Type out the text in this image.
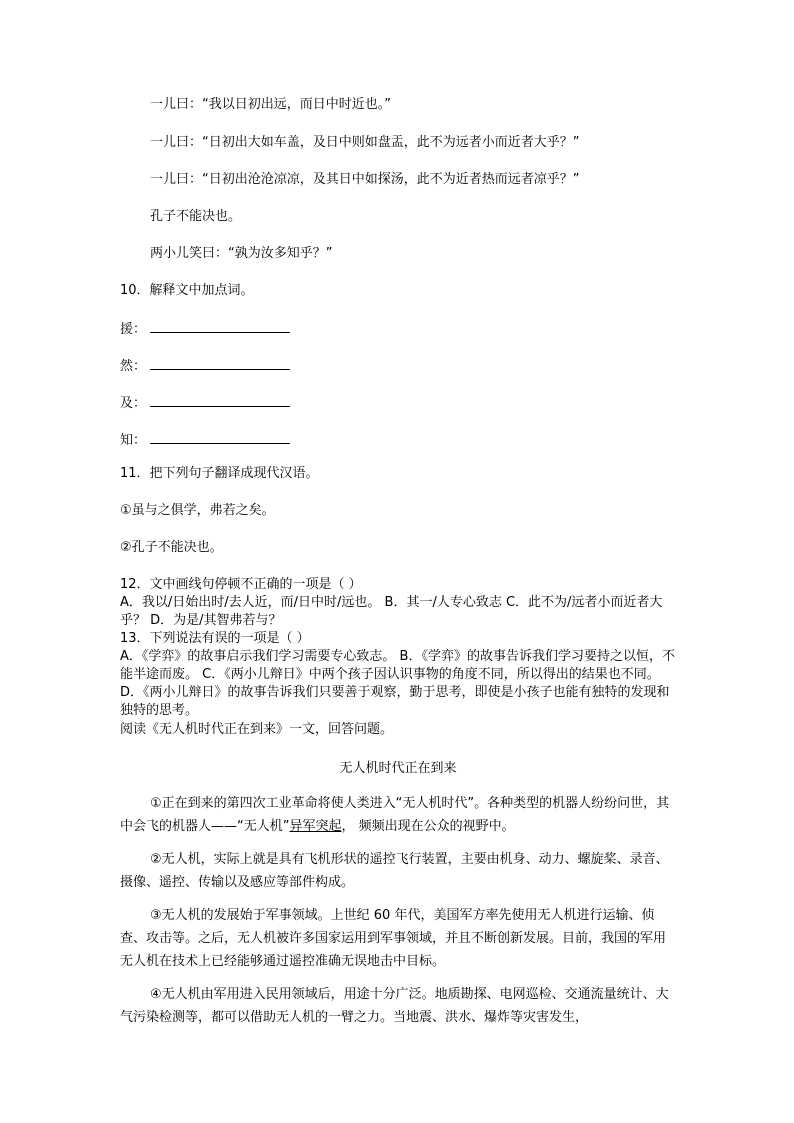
一儿曰：“我以日初出远，而日中时近也。”
一儿曰：“日初出大如车盖，及日中则如盘盂，此不为远者小而近者大乎？”
一儿曰：“日初出沧沧凉凉，及其日中如探汤，此不为近者热而远者凉乎？”
孔子不能决也。
两小儿笑曰：“孰为汝多知乎？”
10．解释文中加点词。
援：
然：
及：
知：
11．把下列句子翻译成现代汉语。
①虽与之俱学，弗若之矣。
②孔子不能决也。
12．文中画线句停顿不正确的一项是（ ）
A．我以/日始出时/去人近，而/日中时/远也。 B．其一/人专心致志 C．此不为/远者小而近者大乎？ D．为是/其智弗若与？
13．下列说法有误的一项是（ ）
A．《学弈》的故事启示我们学习需要专心致志。 B．《学弈》的故事告诉我们学习要持之以恒，不能半途而废。 C．《两小儿辩日》中两个孩子因认识事物的角度不同，所以得出的结果也不同。 D．《两小儿辩日》的故事告诉我们只要善于观察，勤于思考，即使是小孩子也能有独特的发现和独特的思考。
阅读《无人机时代正在到来》一文，回答问题。
无人机时代正在到来
①正在到来的第四次工业革命将使人类进入“无人机时代”。各种类型的机器人纷纷问世，其中会飞的机器人——“无人机”异军突起， 频频出现在公众的视野中。
②无人机，实际上就是具有飞机形状的遥控飞行装置，主要由机身、动力、螺旋桨、录音、摄像、遥控、传输以及感应等部件构成。
③无人机的发展始于军事领域。上世纪 60 年代，美国军方率先使用无人机进行运输、侦查、攻击等。之后，无人机被许多国家运用到军事领域，并且不断创新发展。目前，我国的军用无人机在技术上已经能够通过遥控准确无误地击中目标。
④无人机由军用进入民用领域后，用途十分广泛。地质勘探、电网巡检、交通流量统计、大气污染检测等，都可以借助无人机的一臂之力。当地震、洪水、爆炸等灾害发生，
